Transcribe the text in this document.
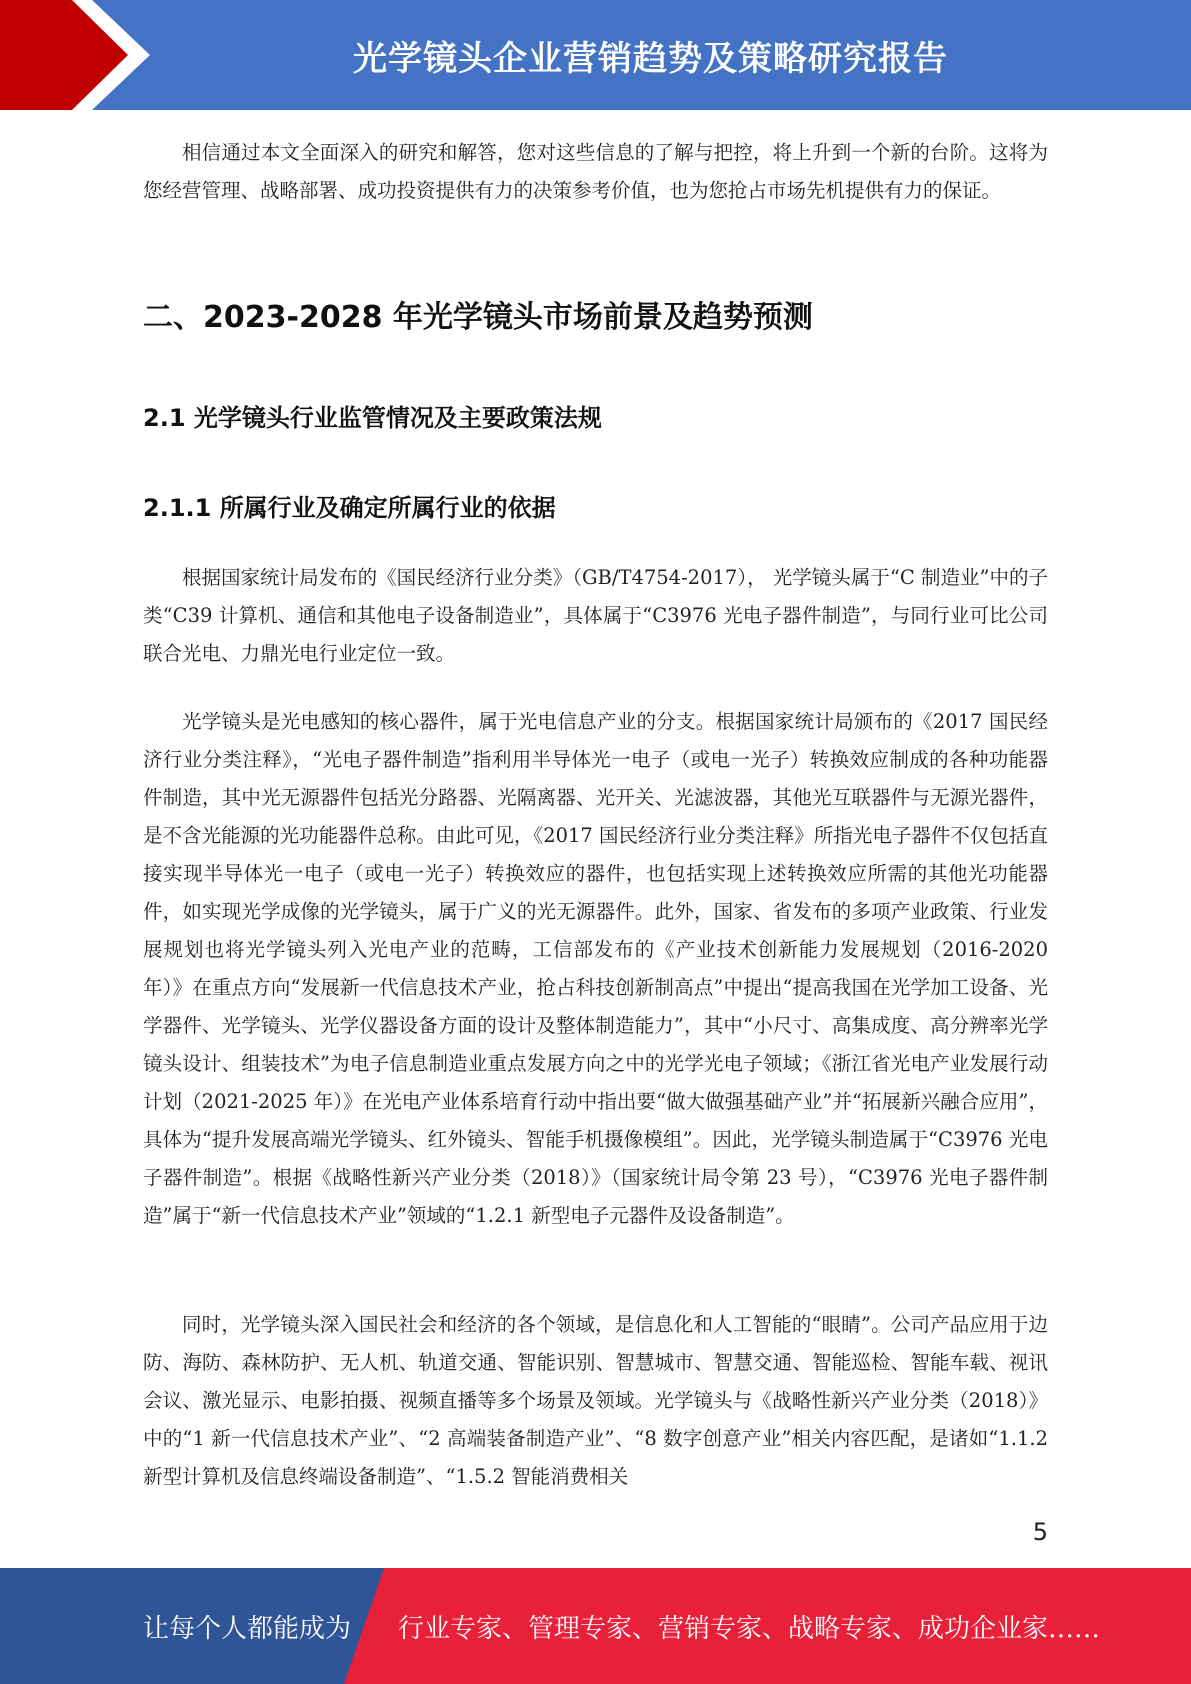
光学镜头企业营销趋势及策略研究报告

相信通过本文全面深入的研究和解答，您对这些信息的了解与把控，将上升到一个新的台阶。这将为您经营管理、战略部署、成功投资提供有力的决策参考价值，也为您抢占市场先机提供有力的保证。

二、2023-2028 年光学镜头市场前景及趋势预测
2.1 光学镜头行业监管情况及主要政策法规
2.1.1 所属行业及确定所属行业的依据

根据国家统计局发布的《国民经济行业分类》（GB/T4754-2017）， 光学镜头属于“C 制造业”中的子类“C39 计算机、通信和其他电子设备制造业”，具体属于“C3976 光电子器件制造”，与同行业可比公司联合光电、力鼎光电行业定位一致。

光学镜头是光电感知的核心器件，属于光电信息产业的分支。根据国家统计局颁布的《2017 国民经济行业分类注释》，“光电子器件制造”指利用半导体光一电子（或电一光子）转换效应制成的各种功能器件制造，其中光无源器件包括光分路器、光隔离器、光开关、光滤波器，其他光互联器件与无源光器件，是不含光能源的光功能器件总称。由此可见，《2017 国民经济行业分类注释》所指光电子器件不仅包括直接实现半导体光一电子（或电一光子）转换效应的器件，也包括实现上述转换效应所需的其他光功能器件，如实现光学成像的光学镜头，属于广义的光无源器件。此外，国家、省发布的多项产业政策、行业发展规划也将光学镜头列入光电产业的范畴，工信部发布的《产业技术创新能力发展规划（2016-2020 年）》在重点方向“发展新一代信息技术产业，抢占科技创新制高点”中提出“提高我国在光学加工设备、光学器件、光学镜头、光学仪器设备方面的设计及整体制造能力”，其中“小尺寸、高集成度、高分辨率光学镜头设计、组装技术”为电子信息制造业重点发展方向之中的光学光电子领域；《浙江省光电产业发展行动计划（2021-2025 年）》在光电产业体系培育行动中指出要“做大做强基础产业”并“拓展新兴融合应用”，具体为“提升发展高端光学镜头、红外镜头、智能手机摄像模组”。因此，光学镜头制造属于“C3976 光电子器件制造”。根据《战略性新兴产业分类（2018）》（国家统计局令第 23 号），“C3976 光电子器件制造”属于“新一代信息技术产业”领域的“1.2.1 新型电子元器件及设备制造”。

同时，光学镜头深入国民社会和经济的各个领域，是信息化和人工智能的“眼睛”。公司产品应用于边防、海防、森林防护、无人机、轨道交通、智能识别、智慧城市、智慧交通、智能巡检、智能车载、视讯会议、激光显示、电影拍摄、视频直播等多个场景及领域。光学镜头与《战略性新兴产业分类（2018）》中的“1 新一代信息技术产业”、“2 高端装备制造产业”、“8 数字创意产业”相关内容匹配，是诸如“1.1.2 新型计算机及信息终端设备制造”、“1.5.2 智能消费相关

5
让每个人都能成为 行业专家、管理专家、营销专家、战略专家、成功企业家……
